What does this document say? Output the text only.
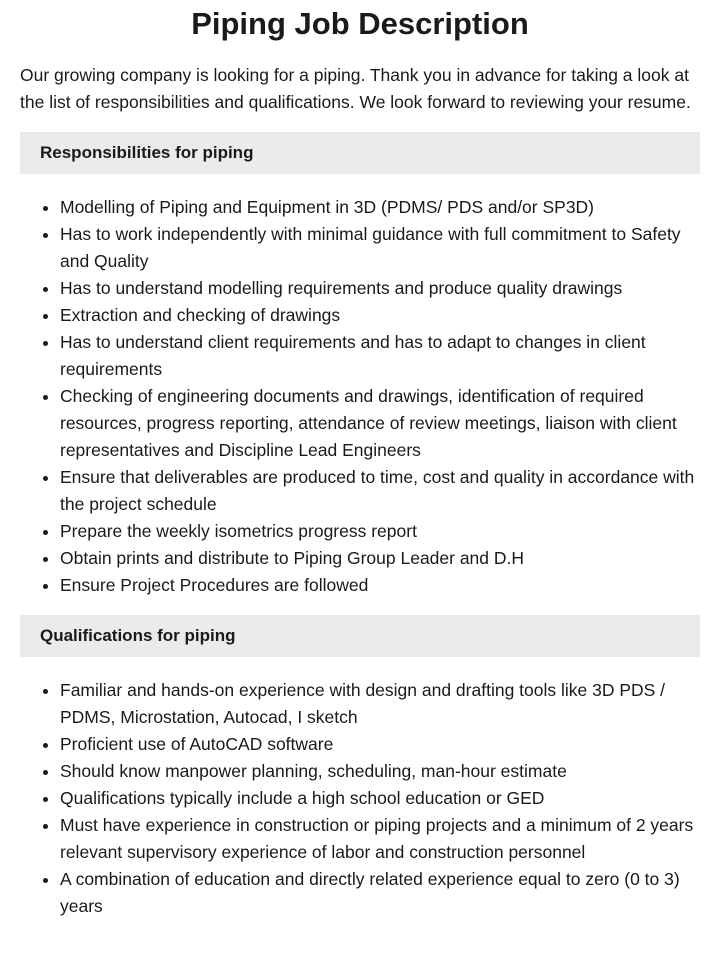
Piping Job Description

Our growing company is looking for a piping. Thank you in advance for taking a look at the list of responsibilities and qualifications. We look forward to reviewing your resume.

Responsibilities for piping
• Modelling of Piping and Equipment in 3D (PDMS/ PDS and/or SP3D)
• Has to work independently with minimal guidance with full commitment to Safety and Quality
• Has to understand modelling requirements and produce quality drawings
• Extraction and checking of drawings
• Has to understand client requirements and has to adapt to changes in client requirements
• Checking of engineering documents and drawings, identification of required resources, progress reporting, attendance of review meetings, liaison with client representatives and Discipline Lead Engineers
• Ensure that deliverables are produced to time, cost and quality in accordance with the project schedule
• Prepare the weekly isometrics progress report
• Obtain prints and distribute to Piping Group Leader and D.H
• Ensure Project Procedures are followed
Qualifications for piping
• Familiar and hands-on experience with design and drafting tools like 3D PDS / PDMS, Microstation, Autocad, I sketch
• Proficient use of AutoCAD software
• Should know manpower planning, scheduling, man-hour estimate
• Qualifications typically include a high school education or GED
• Must have experience in construction or piping projects and a minimum of 2 years relevant supervisory experience of labor and construction personnel
• A combination of education and directly related experience equal to zero (0 to 3) years
